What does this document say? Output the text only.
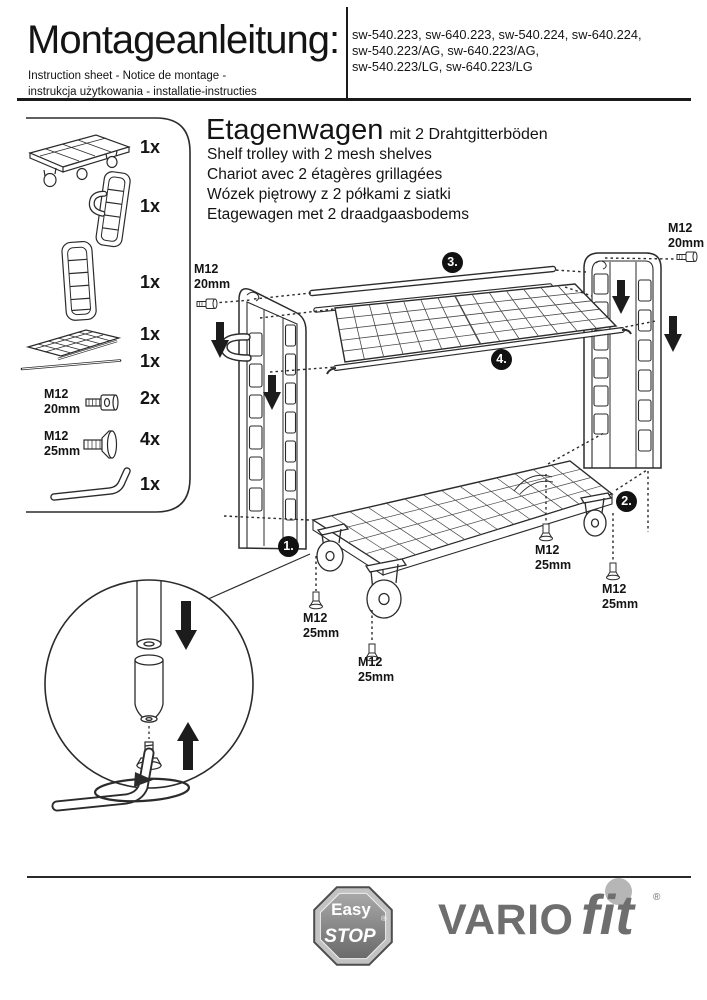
Easy ®
STOP
Montageanleitung: sw-540.223, sw-640.223, sw-540.224, sw-640.224,
sw-540.223/AG, sw-640.223/AG,
sw-540.223/LG, sw-640.223/LG
Instruction sheet - Notice de montage -
instrukcja użytkowania - installatie-instructies
Etagenwagen mit 2 Drahtgitterböden
Shelf trolley with 2 mesh shelves
Chariot avec 2 étagères grillagées
Wózek piętrowy z 2 półkami z siatki
Etagewagen met 2 draadgaasbodems
1x
1x
1x
1x
1x
2x
4x
1x
M12
20mm
M12
25mm
M12
20mm
M12
20mm
M12
25mm
M12
25mm
M12
25mm
M12
25mm
1.
2.
3.
4.
VARIO fit ®
